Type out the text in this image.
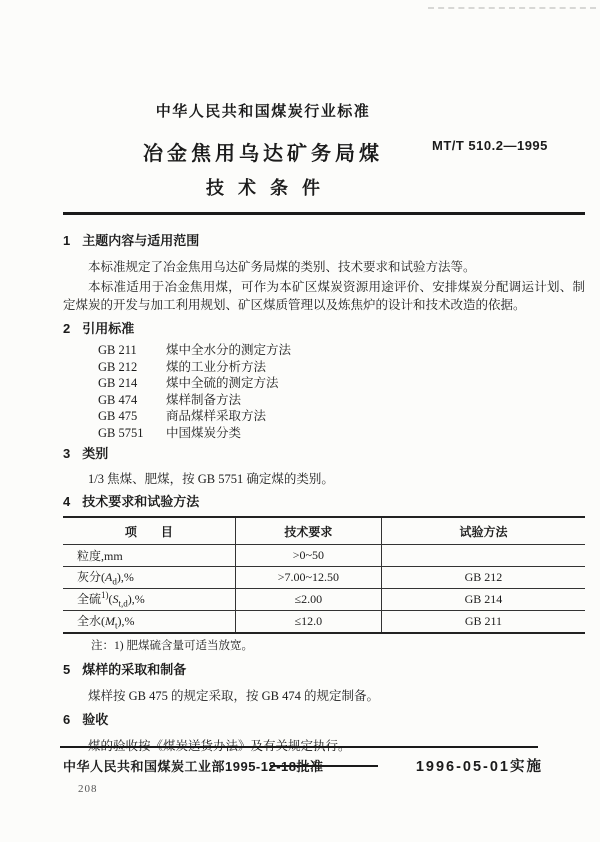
中华人民共和国煤炭行业标准
冶金焦用乌达矿务局煤
技术条件
MT/T 510.2—1995
1 主题内容与适用范围

本标准规定了冶金焦用乌达矿务局煤的类别、技术要求和试验方法等。

本标准适用于冶金焦用煤，可作为本矿区煤炭资源用途评价、安排煤炭分配调运计划、制定煤炭的开发与加工利用规划、矿区煤质管理以及炼焦炉的设计和技术改造的依据。

2 引用标准
GB 211	煤中全水分的测定方法
GB 212	煤的工业分析方法
GB 214	煤中全硫的测定方法
GB 474	煤样制备方法
GB 475	商品煤样采取方法
GB 5751	中国煤炭分类
3 类别

1/3 焦煤、肥煤，按 GB 5751 确定煤的类别。

4 技术要求和试验方法
项　　目	技术要求	试验方法
粒度,mm	>0~50	
灰分$(A_d),\%$	>7.00~12.50	GB 212
全硫$^{1)}(S_{t,d}),\%$	≤2.00	GB 214
全水$(M_t),\%$	≤12.0	GB 211
注：1) 肥煤硫含量可适当放宽。
5 煤样的采取和制备

煤样按 GB 475 的规定采取，按 GB 474 的规定制备。

6 验收

中华人民共和国煤炭工业部1995-12-18批准	1996-05-01实施
208
